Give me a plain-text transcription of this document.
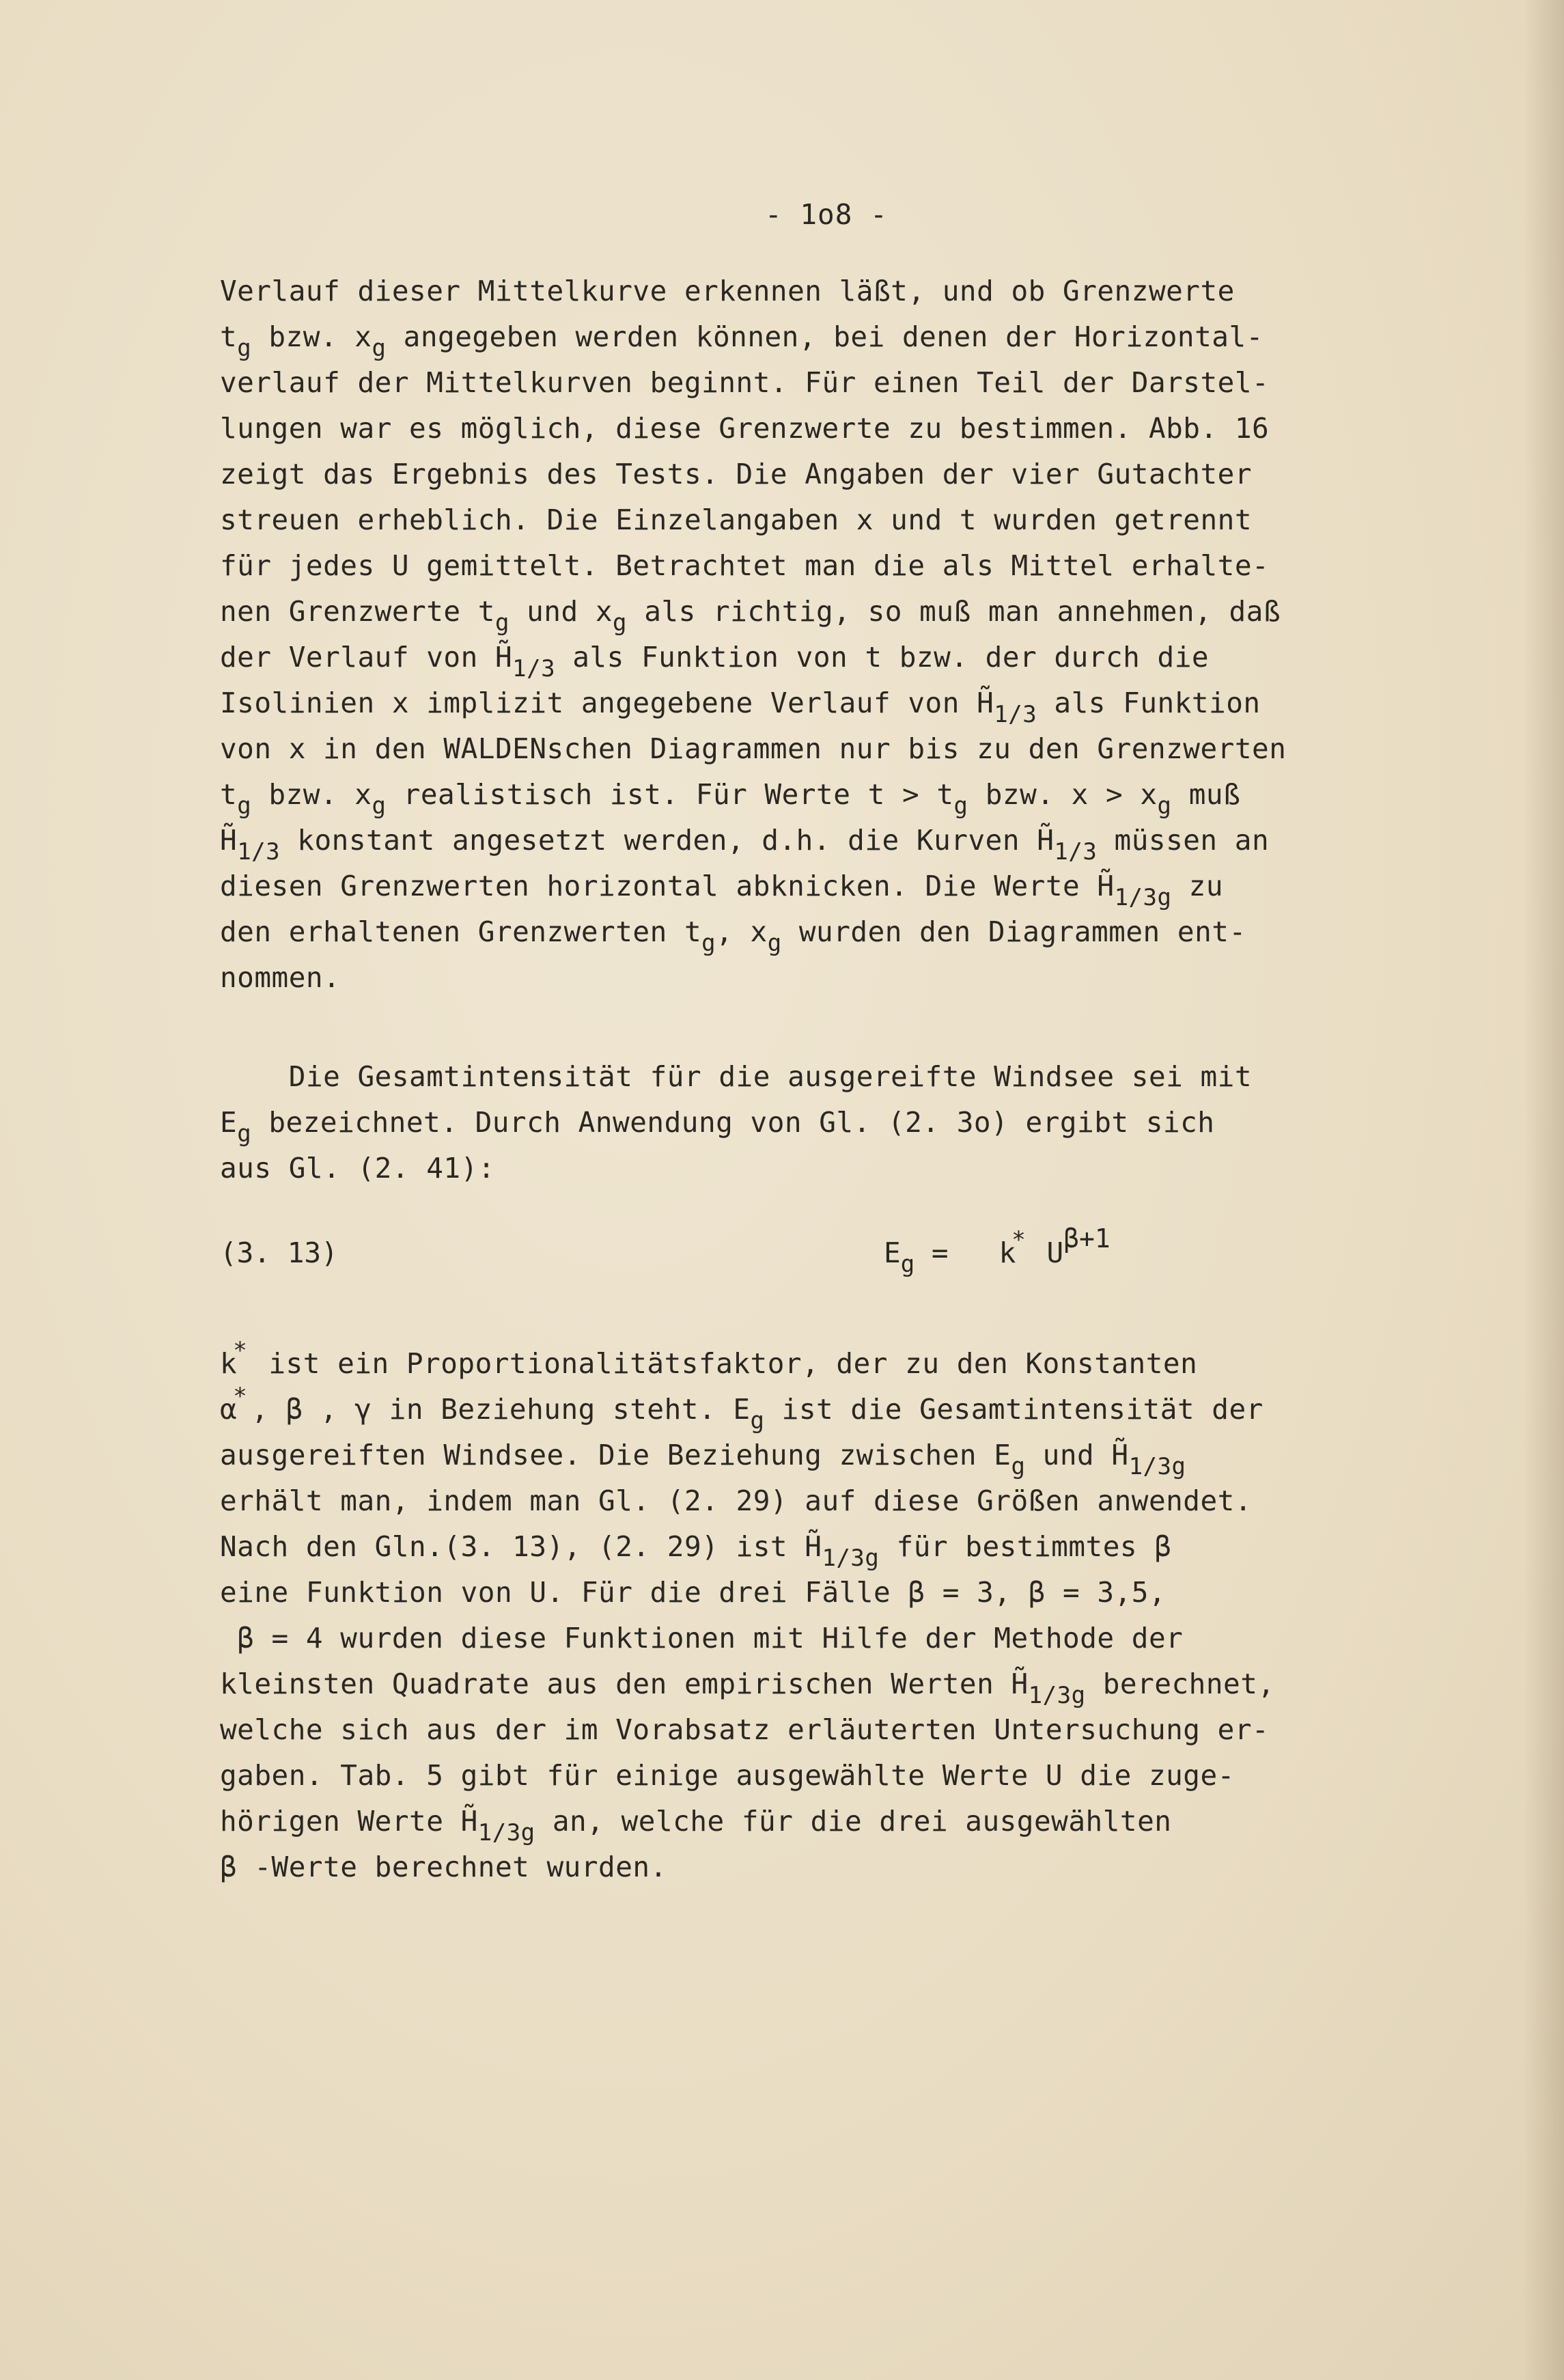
- 1o8 -
Verlauf dieser Mittelkurve erkennen läßt, und ob Grenzwerte
$t_g$ bzw. $x_g$ angegeben werden können, bei denen der Horizontal-
verlauf der Mittelkurven beginnt. Für einen Teil der Darstel-
lungen war es möglich, diese Grenzwerte zu bestimmen. Abb. 16
zeigt das Ergebnis des Tests. Die Angaben der vier Gutachter
streuen erheblich. Die Einzelangaben x und t wurden getrennt
für jedes U gemittelt. Betrachtet man die als Mittel erhalte-
nen Grenzwerte $t_g$ und $x_g$ als richtig, so muß man annehmen, daß
der Verlauf von $H̃_{1/3}$ als Funktion von t bzw. der durch die
Isolinien x implizit angegebene Verlauf von $H̃_{1/3}$ als Funktion
von x in den WALDENschen Diagrammen nur bis zu den Grenzwerten
$t_g$ bzw. $x_g$ realistisch ist. Für Werte $t > t_g$ bzw. $x > x_g$ muß
$H̃_{1/3}$ konstant angesetzt werden, d.h. die Kurven $H̃_{1/3}$ müssen an
diesen Grenzwerten horizontal abknicken. Die Werte $H̃_{1/3g}$ zu
den erhaltenen Grenzwerten $t_g$, $x_g$ wurden den Diagrammen ent-
nommen.
Die Gesamtintensität für die ausgereifte Windsee sei mit
$E_g$ bezeichnet. Durch Anwendung von Gl. (2. 3o) ergibt sich
aus Gl. (2. 41):
(3. 13)	$E_g = k^*$ $U^{\beta+1}$
k* ist ein Proportionalitätsfaktor, der zu den Konstanten
α* , β , γ in Beziehung steht. $E_g$ ist die Gesamtintensität der
ausgereiften Windsee. Die Beziehung zwischen $E_g$ und $H̃_{1/3g}$
erhält man, indem man Gl. (2. 29) auf diese Größen anwendet.
Nach den Gln.(3. 13), (2. 29) ist $H̃_{1/3g}$ für bestimmtes β
eine Funktion von U. Für die drei Fälle β = 3, β = 3,5,
β = 4 wurden diese Funktionen mit Hilfe der Methode der
kleinsten Quadrate aus den empirischen Werten $H̃_{1/3g}$ berechnet,
welche sich aus der im Vorabsatz erläuterten Untersuchung er-
gaben. Tab. 5 gibt für einige ausgewählte Werte U die zuge-
hörigen Werte $H̃_{1/3g}$ an, welche für die drei ausgewählten
β -Werte berechnet wurden.
